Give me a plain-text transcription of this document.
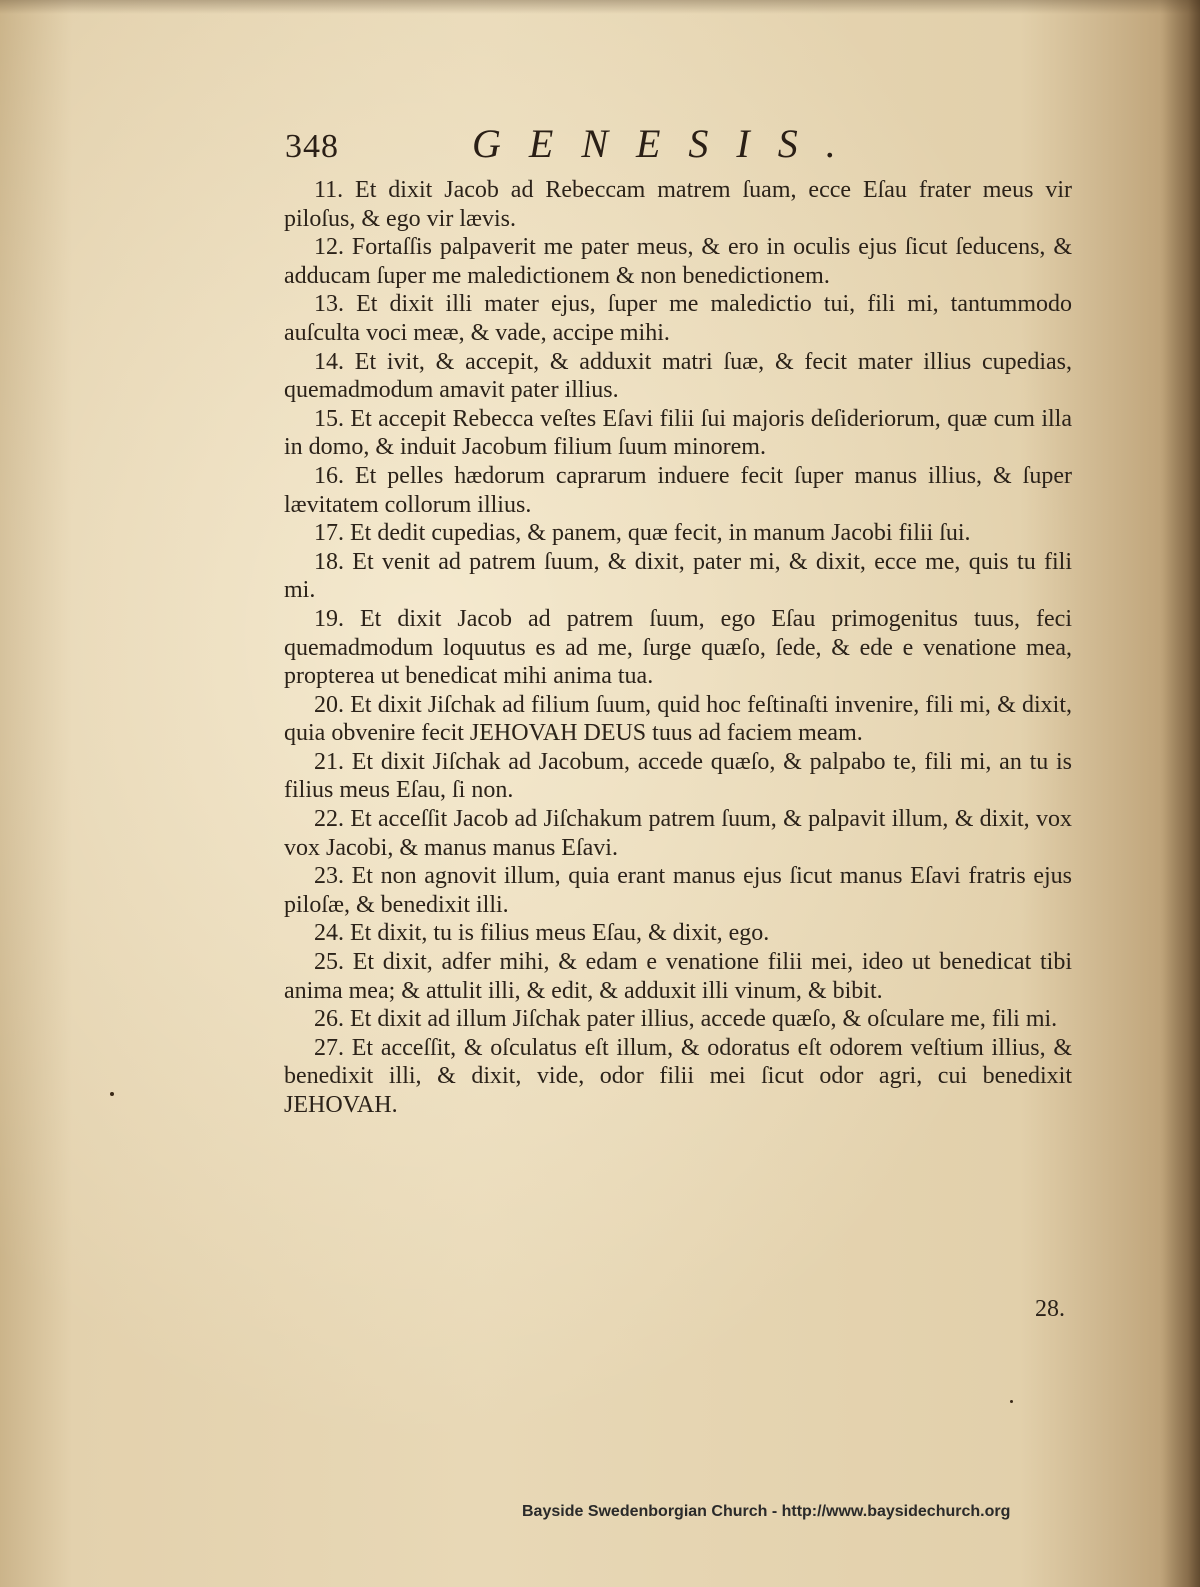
348	GENESIS.

11. Et dixit Jacob ad Rebeccam matrem ſuam, ecce Eſau frater meus vir piloſus, & ego vir lævis.

12. Fortaſſis palpaverit me pater meus, & ero in oculis ejus ſicut ſeducens, & adducam ſuper me maledictionem & non benedictionem.

13. Et dixit illi mater ejus, ſuper me maledictio tui, fili mi, tantummodo auſculta voci meæ, & vade, accipe mihi.

14. Et ivit, & accepit, & adduxit matri ſuæ, & fecit mater illius cupedias, quemadmodum amavit pater illius.

15. Et accepit Rebecca veſtes Eſavi filii ſui majoris deſideriorum, quæ cum illa in domo, & induit Jacobum filium ſuum minorem.

16. Et pelles hædorum caprarum induere fecit ſuper manus illius, & ſuper lævitatem collorum illius.

17. Et dedit cupedias, & panem, quæ fecit, in manum Jacobi filii ſui.

18. Et venit ad patrem ſuum, & dixit, pater mi, & dixit, ecce me, quis tu fili mi.

19. Et dixit Jacob ad patrem ſuum, ego Eſau primogenitus tuus, feci quemadmodum loquutus es ad me, ſurge quæſo, ſede, & ede e venatione mea, propterea ut benedicat mihi anima tua.

20. Et dixit Jiſchak ad filium ſuum, quid hoc feſtinaſti invenire, fili mi, & dixit, quia obvenire fecit JEHOVAH DEUS tuus ad faciem meam.

21. Et dixit Jiſchak ad Jacobum, accede quæſo, & palpabo te, fili mi, an tu is filius meus Eſau, ſi non.

22. Et acceſſit Jacob ad Jiſchakum patrem ſuum, & palpavit illum, & dixit, vox vox Jacobi, & manus manus Eſavi.

23. Et non agnovit illum, quia erant manus ejus ſicut manus Eſavi fratris ejus piloſæ, & benedixit illi.

24. Et dixit, tu is filius meus Eſau, & dixit, ego.

25. Et dixit, adfer mihi, & edam e venatione filii mei, ideo ut benedicat tibi anima mea; & attulit illi, & edit, & adduxit illi vinum, & bibit.

26. Et dixit ad illum Jiſchak pater illius, accede quæſo, & oſculare me, fili mi.

27. Et acceſſit, & oſculatus eſt illum, & odoratus eſt odorem veſtium illius, & benedixit illi, & dixit, vide, odor filii mei ſicut odor agri, cui benedixit JEHOVAH.

28.
Bayside Swedenborgian Church - http://www.baysidechurch.org
